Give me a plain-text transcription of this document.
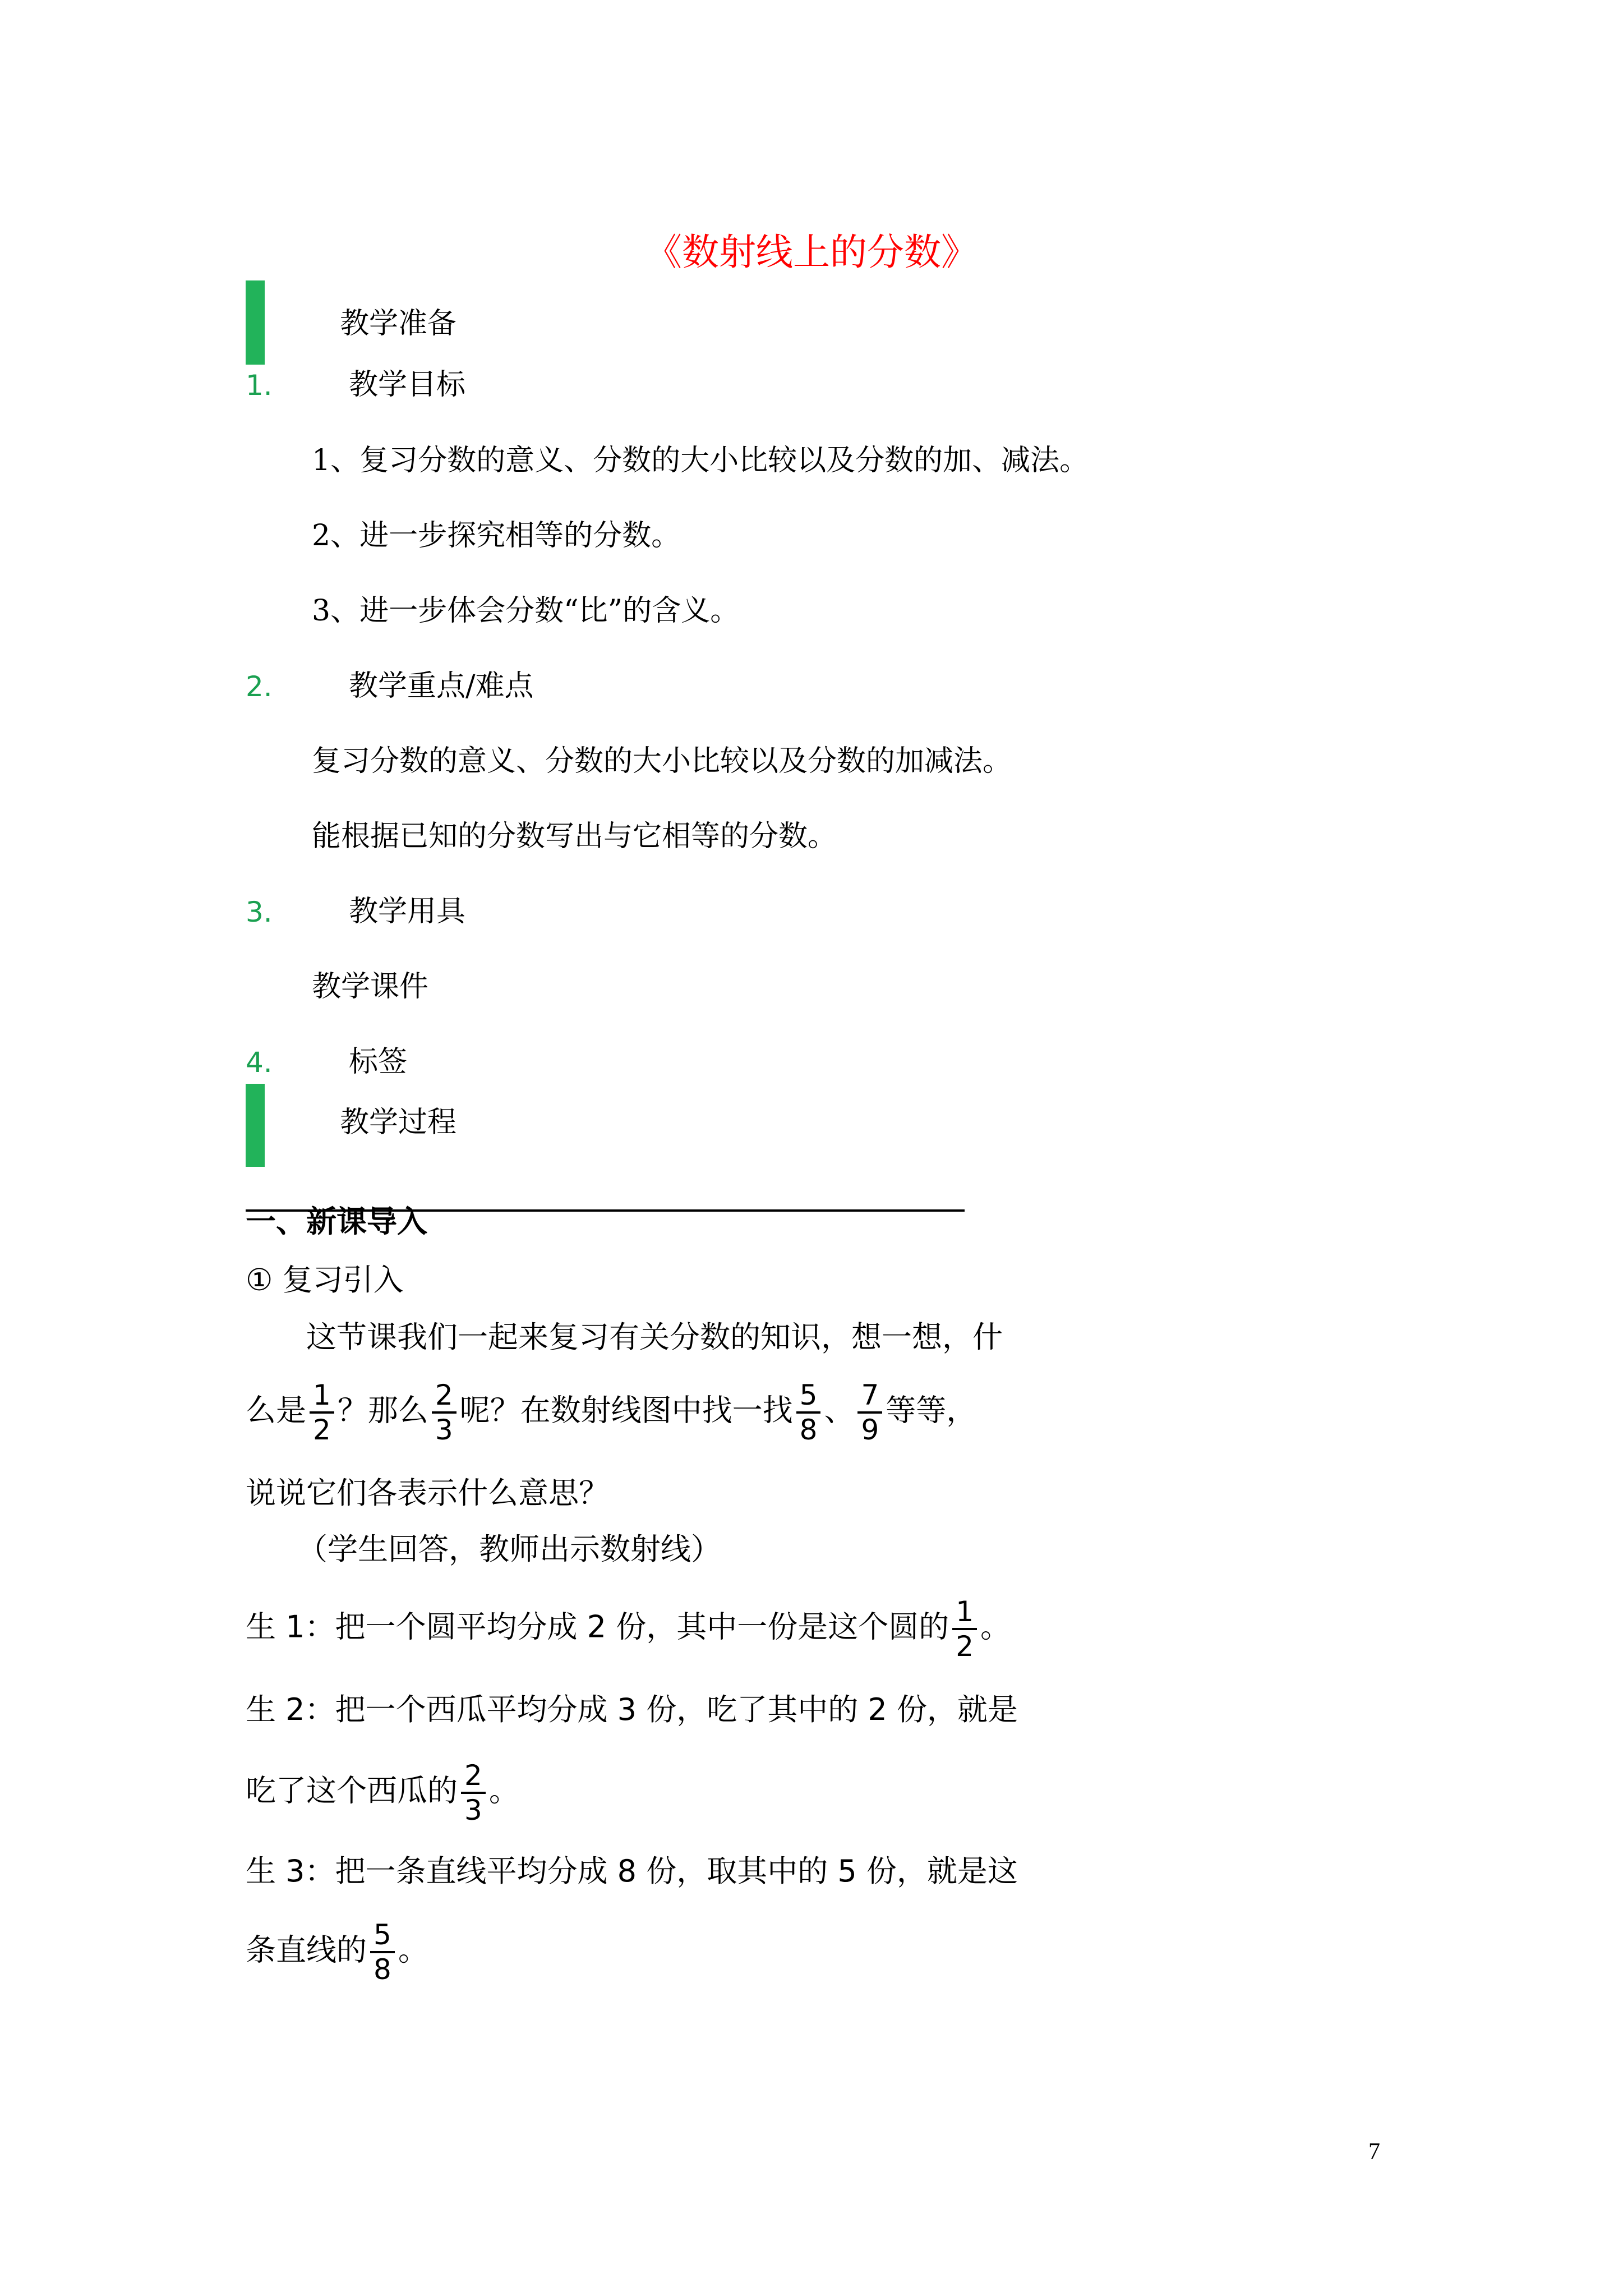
《数射线上的分数》
教学准备
1.	教学目标
1、复习分数的意义、分数的大小比较以及分数的加、减法。
2、进一步探究相等的分数。
3、进一步体会分数“比”的含义。
2.	教学重点/难点
复习分数的意义、分数的大小比较以及分数的加减法。
能根据已知的分数写出与它相等的分数。
3.	教学用具
教学课件
4.	标签
教学过程
一、新课导入
① 复习引入
这节课我们一起来复习有关分数的知识，想一想，什
么是 $\frac{1}{2}$ ？那么 $\frac{2}{3}$ 呢？在数射线图中找一找 $\frac{5}{8}$ 、 $\frac{7}{9}$ 等等，
说说它们各表示什么意思？
（学生回答，教师出示数射线）
生 1：把一个圆平均分成 2 份，其中一份是这个圆的 $\frac{1}{2}$ 。
生 2：把一个西瓜平均分成 3 份，吃了其中的 2 份，就是
吃了这个西瓜的 $\frac{2}{3}$ 。
生 3：把一条直线平均分成 8 份，取其中的 5 份，就是这
条直线的 $\frac{5}{8}$ 。
7
